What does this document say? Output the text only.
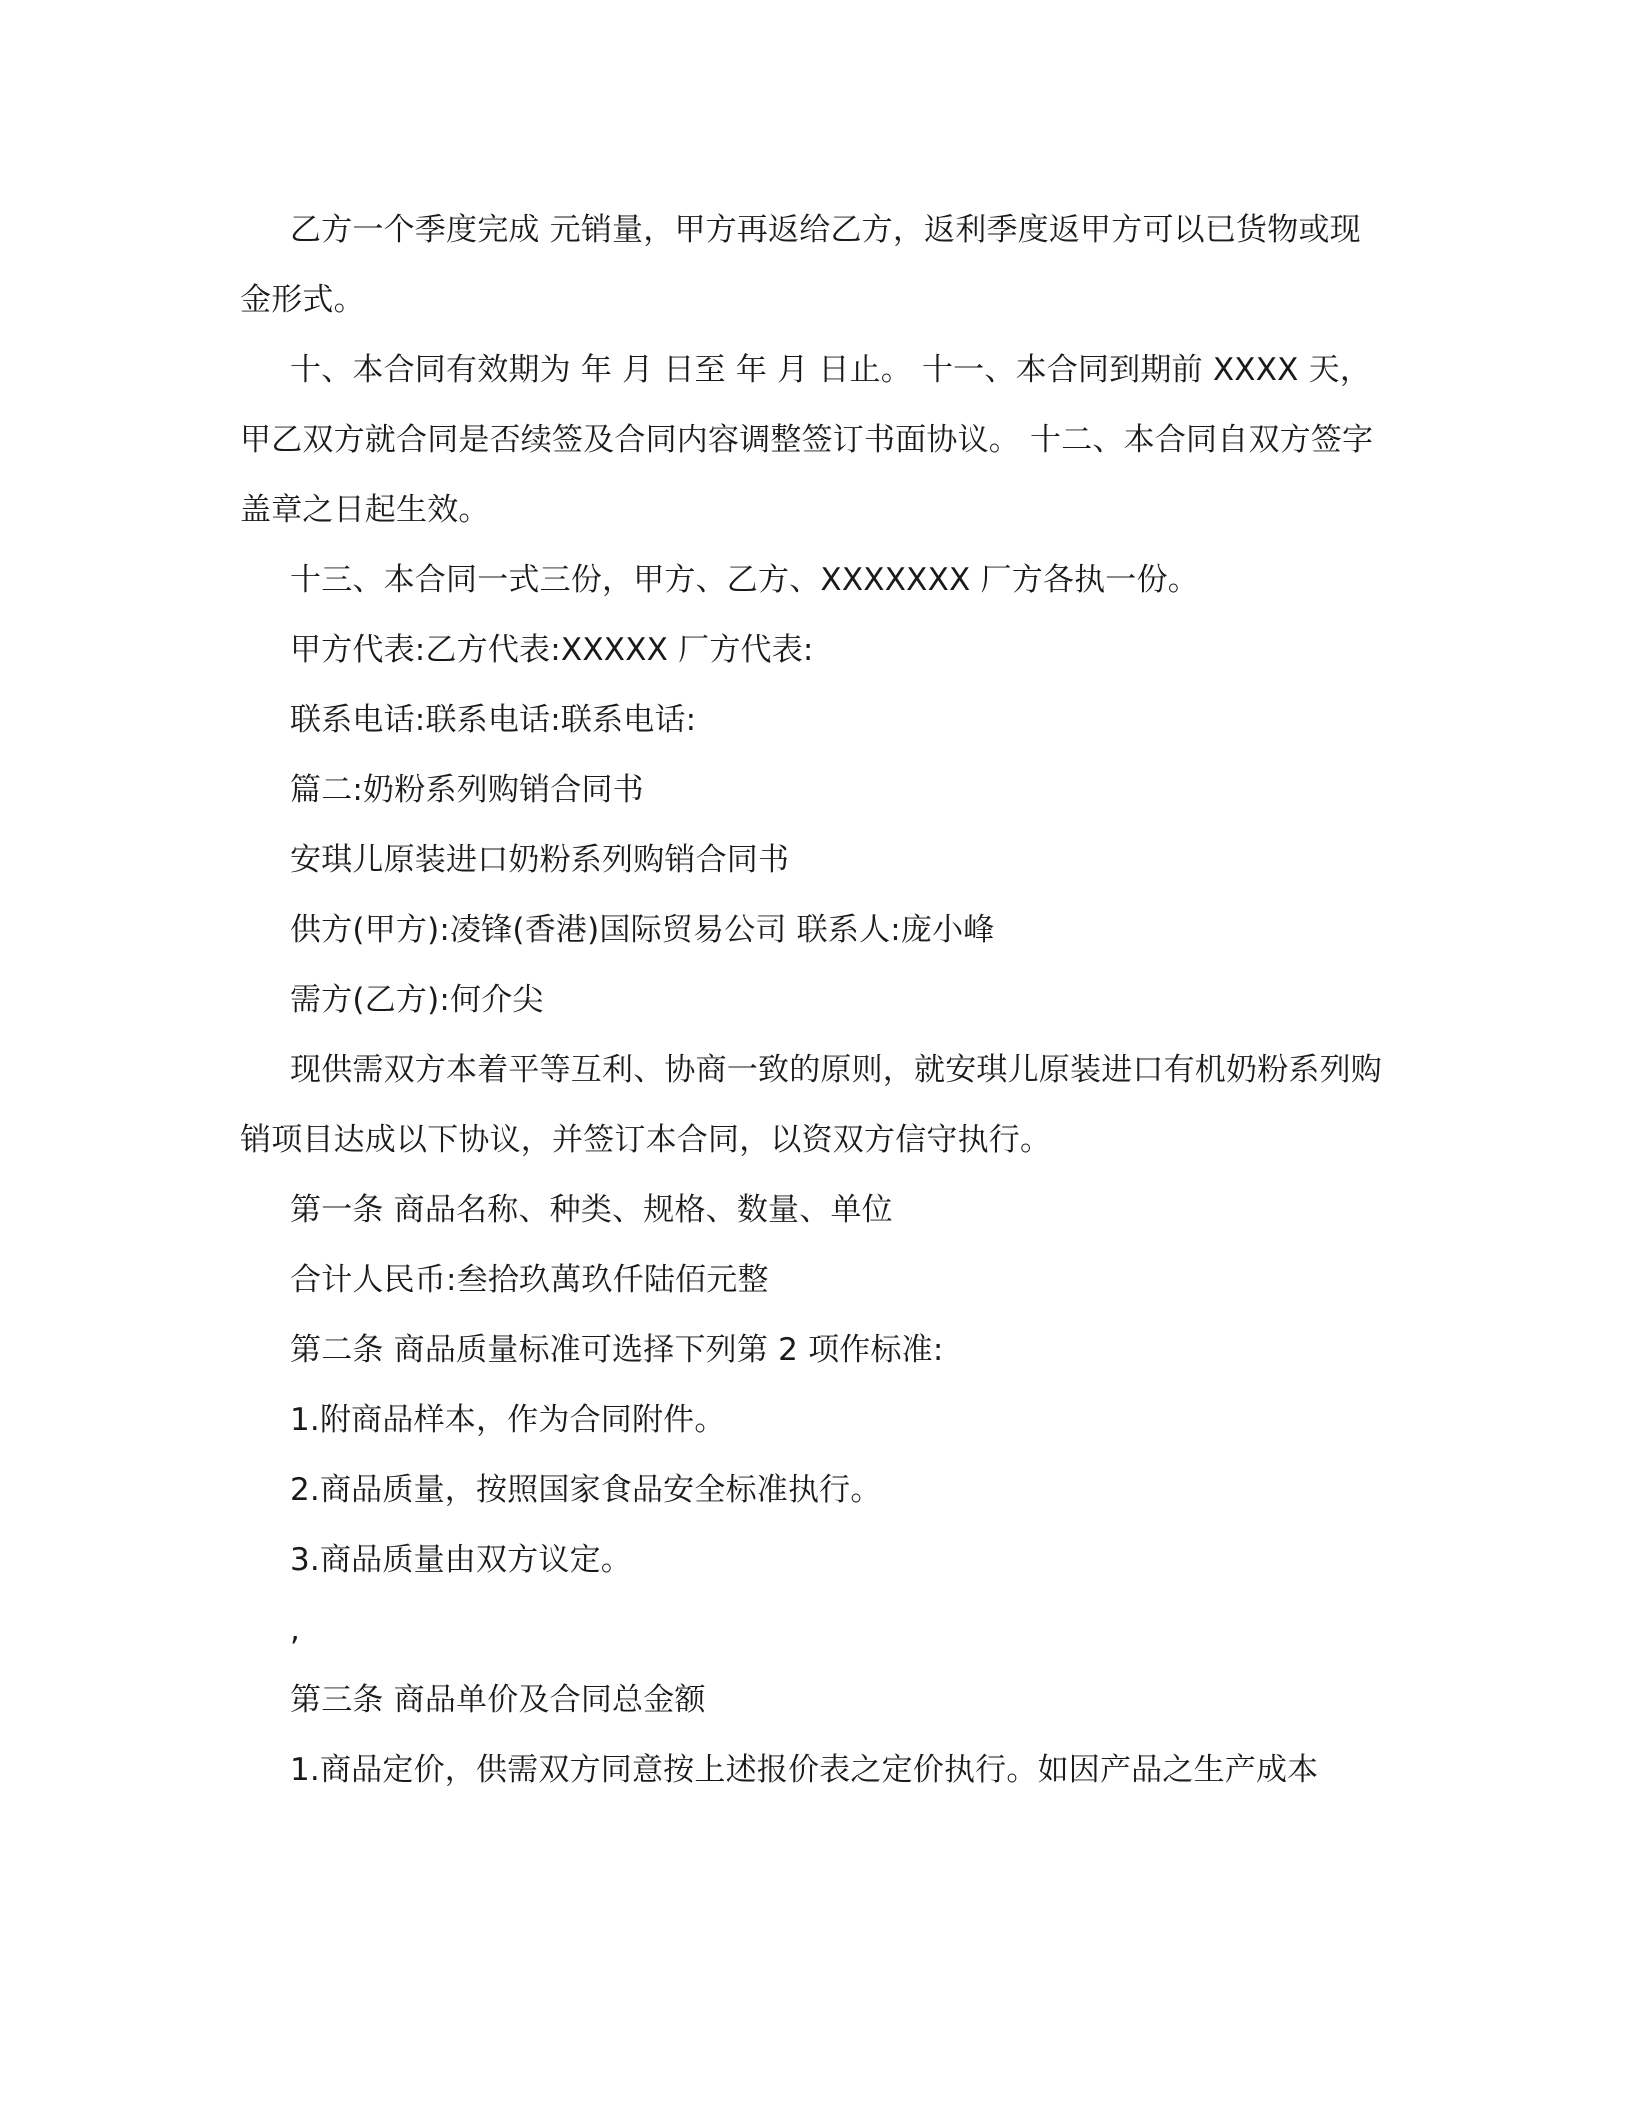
乙方一个季度完成 元销量，甲方再返给乙方，返利季度返甲方可以已货物或现金形式。

十、本合同有效期为 年 月 日至 年 月 日止。 十一、本合同到期前 XXXX 天，甲乙双方就合同是否续签及合同内容调整签订书面协议。 十二、本合同自双方签字盖章之日起生效。

十三、本合同一式三份，甲方、乙方、XXXXXXX 厂方各执一份。

甲方代表:乙方代表:XXXXX 厂方代表:

联系电话:联系电话:联系电话:

篇二:奶粉系列购销合同书

安琪儿原装进口奶粉系列购销合同书

供方(甲方):凌锋(香港)国际贸易公司 联系人:庞小峰

需方(乙方):何介尖

现供需双方本着平等互利、协商一致的原则，就安琪儿原装进口有机奶粉系列购销项目达成以下协议，并签订本合同，以资双方信守执行。

第一条 商品名称、种类、规格、数量、单位

合计人民币:叁拾玖萬玖仟陆佰元整

第二条 商品质量标准可选择下列第 2 项作标准:

1.附商品样本，作为合同附件。

2.商品质量，按照国家食品安全标准执行。

3.商品质量由双方议定。

,

第三条 商品单价及合同总金额

1.商品定价，供需双方同意按上述报价表之定价执行。如因产品之生产成本
